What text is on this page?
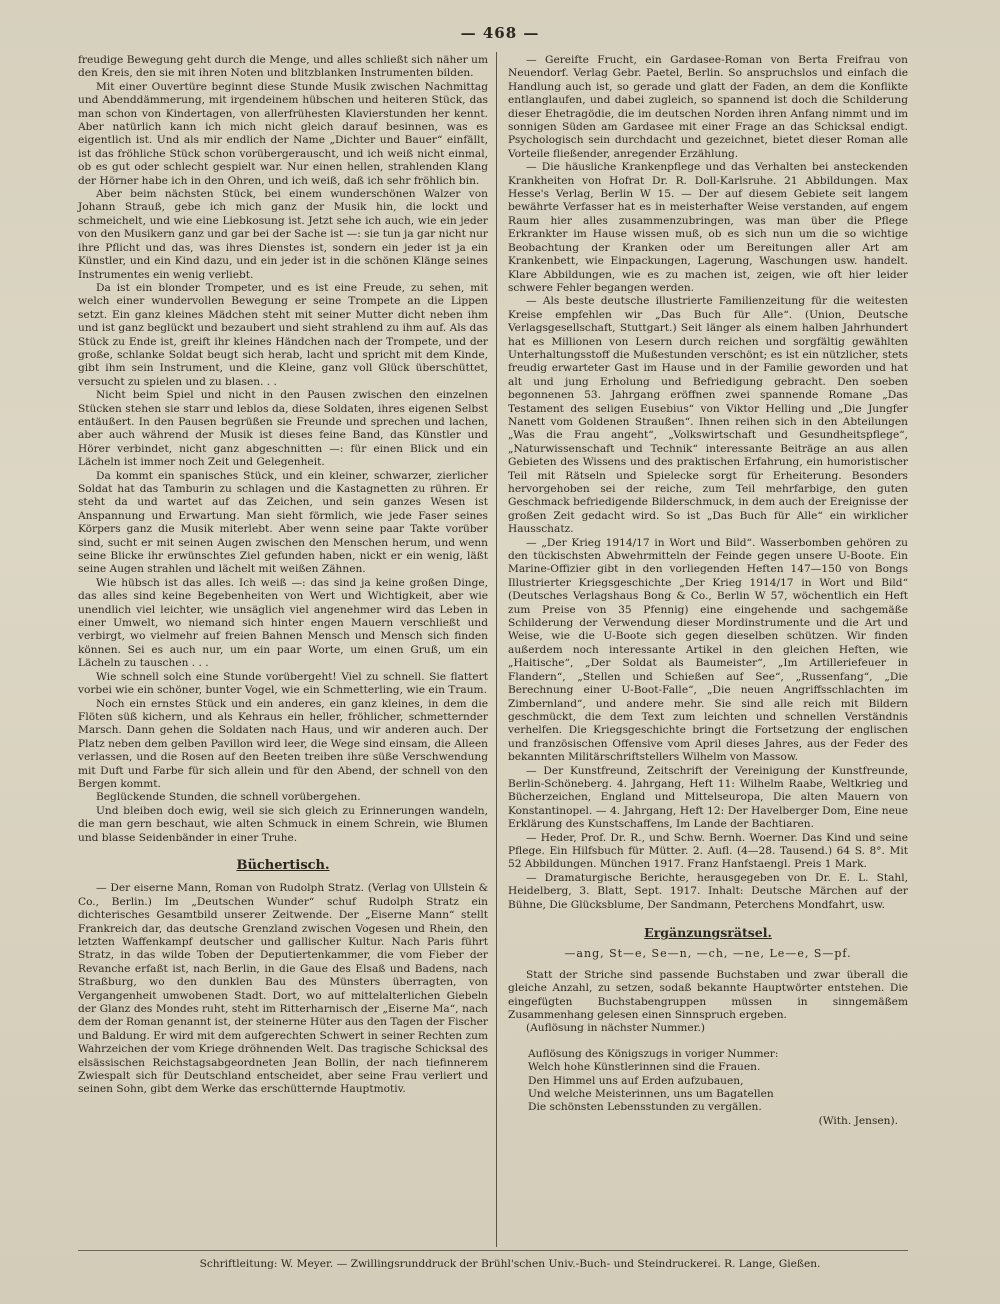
— 468 —

freudige Bewegung geht durch die Menge, und alles schließt sich näher um den Kreis, den sie mit ihren Noten und blitzblanken Instrumenten bilden.

Mit einer Ouvertüre beginnt diese Stunde Musik zwischen Nachmittag und Abenddämmerung, mit irgendeinem hübschen und heiteren Stück, das man schon von Kindertagen, von allerfrühesten Klavierstunden her kennt. Aber natürlich kann ich mich nicht gleich darauf besinnen, was es eigentlich ist. Und als mir endlich der Name „Dichter und Bauer“ einfällt, ist das fröhliche Stück schon vorübergerauscht, und ich weiß nicht einmal, ob es gut oder schlecht gespielt war. Nur einen hellen, strahlenden Klang der Hörner habe ich in den Ohren, und ich weiß, daß ich sehr fröhlich bin.

Aber beim nächsten Stück, bei einem wunderschönen Walzer von Johann Strauß, gebe ich mich ganz der Musik hin, die lockt und schmeichelt, und wie eine Liebkosung ist. Jetzt sehe ich auch, wie ein jeder von den Musikern ganz und gar bei der Sache ist —: sie tun ja gar nicht nur ihre Pflicht und das, was ihres Dienstes ist, sondern ein jeder ist ja ein Künstler, und ein Kind dazu, und ein jeder ist in die schönen Klänge seines Instrumentes ein wenig verliebt.

Da ist ein blonder Trompeter, und es ist eine Freude, zu sehen, mit welch einer wundervollen Bewegung er seine Trompete an die Lippen setzt. Ein ganz kleines Mädchen steht mit seiner Mutter dicht neben ihm und ist ganz beglückt und bezaubert und sieht strahlend zu ihm auf. Als das Stück zu Ende ist, greift ihr kleines Händchen nach der Trompete, und der große, schlanke Soldat beugt sich herab, lacht und spricht mit dem Kinde, gibt ihm sein Instrument, und die Kleine, ganz voll Glück überschüttet, versucht zu spielen und zu blasen. . .

Nicht beim Spiel und nicht in den Pausen zwischen den einzelnen Stücken stehen sie starr und leblos da, diese Soldaten, ihres eigenen Selbst entäußert. In den Pausen begrüßen sie Freunde und sprechen und lachen, aber auch während der Musik ist dieses feine Band, das Künstler und Hörer verbindet, nicht ganz abgeschnitten —: für einen Blick und ein Lächeln ist immer noch Zeit und Gelegenheit.

Da kommt ein spanisches Stück, und ein kleiner, schwarzer, zierlicher Soldat hat das Tamburin zu schlagen und die Kastagnetten zu rühren. Er steht da und wartet auf das Zeichen, und sein ganzes Wesen ist Anspannung und Erwartung. Man sieht förmlich, wie jede Faser seines Körpers ganz die Musik miterlebt. Aber wenn seine paar Takte vorüber sind, sucht er mit seinen Augen zwischen den Menschen herum, und wenn seine Blicke ihr erwünschtes Ziel gefunden haben, nickt er ein wenig, läßt seine Augen strahlen und lächelt mit weißen Zähnen.

Wie hübsch ist das alles. Ich weiß —: das sind ja keine großen Dinge, das alles sind keine Begebenheiten von Wert und Wichtigkeit, aber wie unendlich viel leichter, wie unsäglich viel angenehmer wird das Leben in einer Umwelt, wo niemand sich hinter engen Mauern verschließt und verbirgt, wo vielmehr auf freien Bahnen Mensch und Mensch sich finden können. Sei es auch nur, um ein paar Worte, um einen Gruß, um ein Lächeln zu tauschen . . .

Wie schnell solch eine Stunde vorübergeht! Viel zu schnell. Sie flattert vorbei wie ein schöner, bunter Vogel, wie ein Schmetterling, wie ein Traum.

Noch ein ernstes Stück und ein anderes, ein ganz kleines, in dem die Flöten süß kichern, und als Kehraus ein heller, fröhlicher, schmetternder Marsch. Dann gehen die Soldaten nach Haus, und wir anderen auch. Der Platz neben dem gelben Pavillon wird leer, die Wege sind einsam, die Alleen verlassen, und die Rosen auf den Beeten treiben ihre süße Verschwendung mit Duft und Farbe für sich allein und für den Abend, der schnell von den Bergen kommt.

Beglückende Stunden, die schnell vorübergehen.

Und bleiben doch ewig, weil sie sich gleich zu Erinnerungen wandeln, die man gern beschaut, wie alten Schmuck in einem Schrein, wie Blumen und blasse Seidenbänder in einer Truhe.

Büchertisch.

— Der eiserne Mann, Roman von Rudolph Stratz. (Verlag von Ullstein & Co., Berlin.) Im „Deutschen Wunder“ schuf Rudolph Stratz ein dichterisches Gesamtbild unserer Zeitwende. Der „Eiserne Mann“ stellt Frankreich dar, das deutsche Grenzland zwischen Vogesen und Rhein, den letzten Waffenkampf deutscher und gallischer Kultur. Nach Paris führt Stratz, in das wilde Toben der Deputiertenkammer, die vom Fieber der Revanche erfaßt ist, nach Berlin, in die Gaue des Elsaß und Badens, nach Straßburg, wo den dunklen Bau des Münsters überragten, von Vergangenheit umwobenen Stadt. Dort, wo auf mittelalterlichen Giebeln der Glanz des Mondes ruht, steht im Ritterharnisch der „Eiserne Ma“, nach dem der Roman genannt ist, der steinerne Hüter aus den Tagen der Fischer und Baldung. Er wird mit dem aufgerechten Schwert in seiner Rechten zum Wahrzeichen der vom Kriege dröhnenden Welt. Das tragische Schicksal des elsässischen Reichstagsabgeordneten Jean Bollin, der nach tiefinnerem Zwiespalt sich für Deutschland entscheidet, aber seine Frau verliert und seinen Sohn, gibt dem Werke das erschütternde Hauptmotiv.

— Gereifte Frucht, ein Gardasee-Roman von Berta Freifrau von Neuendorf. Verlag Gebr. Paetel, Berlin. So anspruchslos und einfach die Handlung auch ist, so gerade und glatt der Faden, an dem die Konflikte entlanglaufen, und dabei zugleich, so spannend ist doch die Schilderung dieser Ehetragödie, die im deutschen Norden ihren Anfang nimmt und im sonnigen Süden am Gardasee mit einer Frage an das Schicksal endigt. Psychologisch sein durchdacht und gezeichnet, bietet dieser Roman alle Vorteile fließender, anregender Erzählung.

— Die häusliche Krankenpflege und das Verhalten bei ansteckenden Krankheiten von Hofrat Dr. R. Doll-Karlsruhe. 21 Abbildungen. Max Hesse's Verlag, Berlin W 15. — Der auf diesem Gebiete seit langem bewährte Verfasser hat es in meisterhafter Weise verstanden, auf engem Raum hier alles zusammenzubringen, was man über die Pflege Erkrankter im Hause wissen muß, ob es sich nun um die so wichtige Beobachtung der Kranken oder um Bereitungen aller Art am Krankenbett, wie Einpackungen, Lagerung, Waschungen usw. handelt. Klare Abbildungen, wie es zu machen ist, zeigen, wie oft hier leider schwere Fehler begangen werden.

— Als beste deutsche illustrierte Familienzeitung für die weitesten Kreise empfehlen wir „Das Buch für Alle“. (Union, Deutsche Verlagsgesellschaft, Stuttgart.) Seit länger als einem halben Jahrhundert hat es Millionen von Lesern durch reichen und sorgfältig gewählten Unterhaltungsstoff die Mußestunden verschönt; es ist ein nützlicher, stets freudig erwarteter Gast im Hause und in der Familie geworden und hat alt und jung Erholung und Befriedigung gebracht. Den soeben begonnenen 53. Jahrgang eröffnen zwei spannende Romane „Das Testament des seligen Eusebius“ von Viktor Helling und „Die Jungfer Nanett vom Goldenen Straußen“. Ihnen reihen sich in den Abteilungen „Was die Frau angeht“, „Volkswirtschaft und Gesundheitspflege“, „Naturwissenschaft und Technik“ interessante Beiträge an aus allen Gebieten des Wissens und des praktischen Erfahrung, ein humoristischer Teil mit Rätseln und Spielecke sorgt für Erheiterung. Besonders hervorgehoben sei der reiche, zum Teil mehrfarbige, den guten Geschmack befriedigende Bilderschmuck, in dem auch der Ereignisse der großen Zeit gedacht wird. So ist „Das Buch für Alle“ ein wirklicher Hausschatz.

— „Der Krieg 1914/17 in Wort und Bild“. Wasserbomben gehören zu den tückischsten Abwehrmitteln der Feinde gegen unsere U-Boote. Ein Marine-Offizier gibt in den vorliegenden Heften 147—150 von Bongs Illustrierter Kriegsgeschichte „Der Krieg 1914/17 in Wort und Bild“ (Deutsches Verlagshaus Bong & Co., Berlin W 57, wöchentlich ein Heft zum Preise von 35 Pfennig) eine eingehende und sachgemäße Schilderung der Verwendung dieser Mordinstrumente und die Art und Weise, wie die U-Boote sich gegen dieselben schützen. Wir finden außerdem noch interessante Artikel in den gleichen Heften, wie „Haitische“, „Der Soldat als Baumeister“, „Im Artilleriefeuer in Flandern“, „Stellen und Schießen auf See“, „Russenfang“, „Die Berechnung einer U-Boot-Falle“, „Die neuen Angriffsschlachten im Zimbernland“, und andere mehr. Sie sind alle reich mit Bildern geschmückt, die dem Text zum leichten und schnellen Verständnis verhelfen. Die Kriegsgeschichte bringt die Fortsetzung der englischen und französischen Offensive vom April dieses Jahres, aus der Feder des bekannten Militärschriftstellers Wilhelm von Massow.

— Der Kunstfreund, Zeitschrift der Vereinigung der Kunstfreunde, Berlin-Schöneberg. 4. Jahrgang, Heft 11: Wilhelm Raabe, Weltkrieg und Bücherzeichen, England und Mittelseuropa, Die alten Mauern von Konstantinopel. — 4. Jahrgang, Heft 12: Der Havelberger Dom, Eine neue Erklärung des Kunstschaffens, Im Lande der Bachtiaren.

— Heder, Prof. Dr. R., und Schw. Bernh. Woerner. Das Kind und seine Pflege. Ein Hilfsbuch für Mütter. 2. Aufl. (4—28. Tausend.) 64 S. 8°. Mit 52 Abbildungen. München 1917. Franz Hanfstaengl. Preis 1 Mark.

— Dramaturgische Berichte, herausgegeben von Dr. E. L. Stahl, Heidelberg, 3. Blatt, Sept. 1917. Inhalt: Deutsche Märchen auf der Bühne, Die Glücksblume, Der Sandmann, Peterchens Mondfahrt, usw.

Ergänzungsrätsel.
—ang, St—e, Se—n, —ch, —ne, Le—e, S—pf.

Statt der Striche sind passende Buchstaben und zwar überall die gleiche Anzahl, zu setzen, sodaß bekannte Hauptwörter entstehen. Die eingefügten Buchstabengruppen müssen in sinngemäßem Zusammenhang gelesen einen Sinnspruch ergeben.

(Auflösung in nächster Nummer.)

Auflösung des Königszugs in voriger Nummer:
Welch hohe Künstlerinnen sind die Frauen.
Den Himmel uns auf Erden aufzubauen,
Und welche Meisterinnen, uns um Bagatellen
Die schönsten Lebensstunden zu vergällen.
(With. Jensen).
Schriftleitung: W. Meyer. — Zwillingsrunddruck der Brühl'schen Univ.-Buch- und Steindruckerei. R. Lange, Gießen.
